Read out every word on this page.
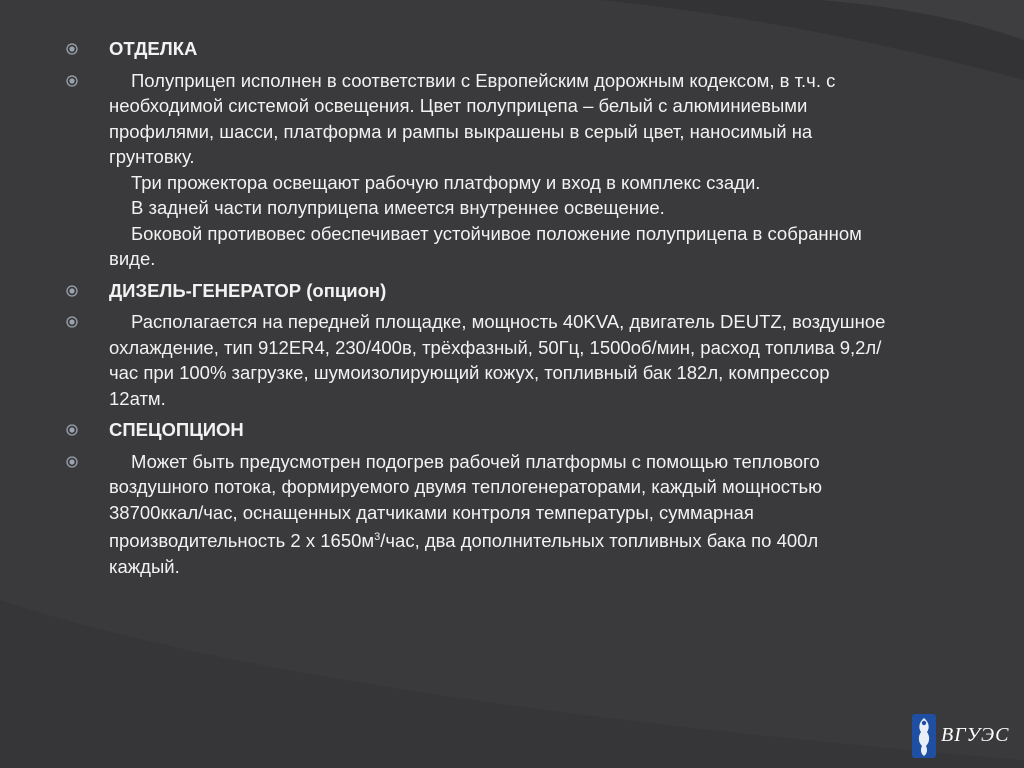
ОТДЕЛКА
Полуприцеп исполнен в соответствии с Европейским дорожным кодексом, в т.ч. с необходимой системой освещения. Цвет полуприцепа – белый с алюминиевыми профилями, шасси, платформа и рампы выкрашены в серый цвет, наносимый на грунтовку.
Три прожектора освещают рабочую платформу и вход в комплекс сзади.
В задней части полуприцепа имеется внутреннее освещение.
Боковой противовес обеспечивает устойчивое положение полуприцепа в собранном виде.
ДИЗЕЛЬ-ГЕНЕРАТОР (опцион)
Располагается на передней площадке, мощность 40KVA, двигатель DEUTZ, воздушное охлаждение, тип 912ER4, 230/400в, трёхфазный, 50Гц, 1500об/мин, расход топлива 9,2л/час при 100% загрузке, шумоизолирующий кожух, топливный бак 182л, компрессор 12атм.
СПЕЦОПЦИОН
Может быть предусмотрен подогрев рабочей платформы с помощью теплового воздушного потока, формируемого двумя теплогенераторами, каждый мощностью 38700ккал/час, оснащенных датчиками контроля температуры, суммарная производительность 2 х $1650м^3$/час, два дополнительных топливных бака по 400л каждый.
ВГУЭС
